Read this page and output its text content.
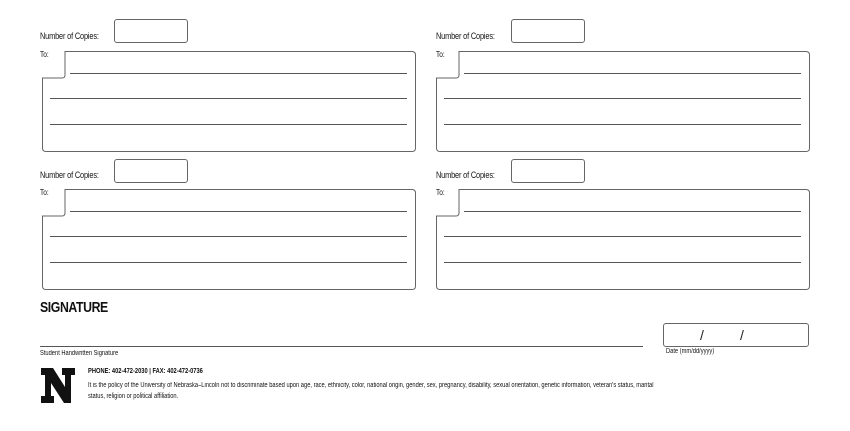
Number of Copies:
To:
Number of Copies:
To:
Number of Copies:
To:
Number of Copies:
To:
SIGNATURE
Student Handwritten Signature
/	/
Date (mm/dd/yyyy)
PHONE: 402-472-2030 | FAX: 402-472-0736
It is the policy of the University of Nebraska–Lincoln not to discriminate based upon age, race, ethnicity, color, national origin, gender, sex, pregnancy, disability, sexual orientation, genetic information, veteran's status, marital status, religion or political affiliation.
